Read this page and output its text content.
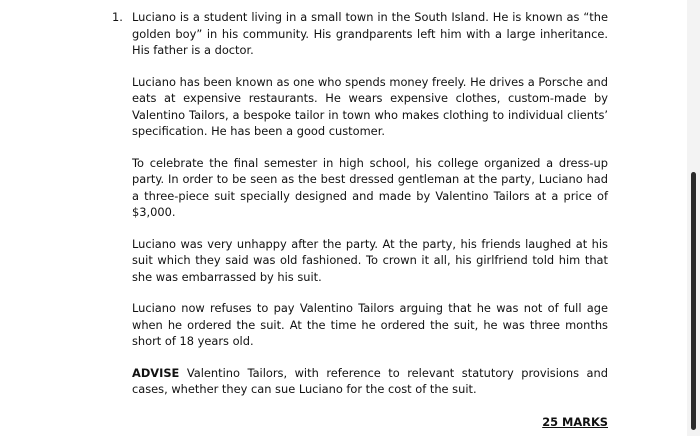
1. Luciano is a student living in a small town in the South Island. He is known as “the golden boy” in his community. His grandparents left him with a large inheritance. His father is a doctor.

Luciano has been known as one who spends money freely. He drives a Porsche and eats at expensive restaurants. He wears expensive clothes, custom-made by Valentino Tailors, a bespoke tailor in town who makes clothing to individual clients’ specification. He has been a good customer.

To celebrate the final semester in high school, his college organized a dress-up party. In order to be seen as the best dressed gentleman at the party, Luciano had a three-piece suit specially designed and made by Valentino Tailors at a price of $3,000.

Luciano was very unhappy after the party. At the party, his friends laughed at his suit which they said was old fashioned. To crown it all, his girlfriend told him that she was embarrassed by his suit.

Luciano now refuses to pay Valentino Tailors arguing that he was not of full age when he ordered the suit. At the time he ordered the suit, he was three months short of 18 years old.

ADVISE Valentino Tailors, with reference to relevant statutory provisions and cases, whether they can sue Luciano for the cost of the suit.

25 MARKS
